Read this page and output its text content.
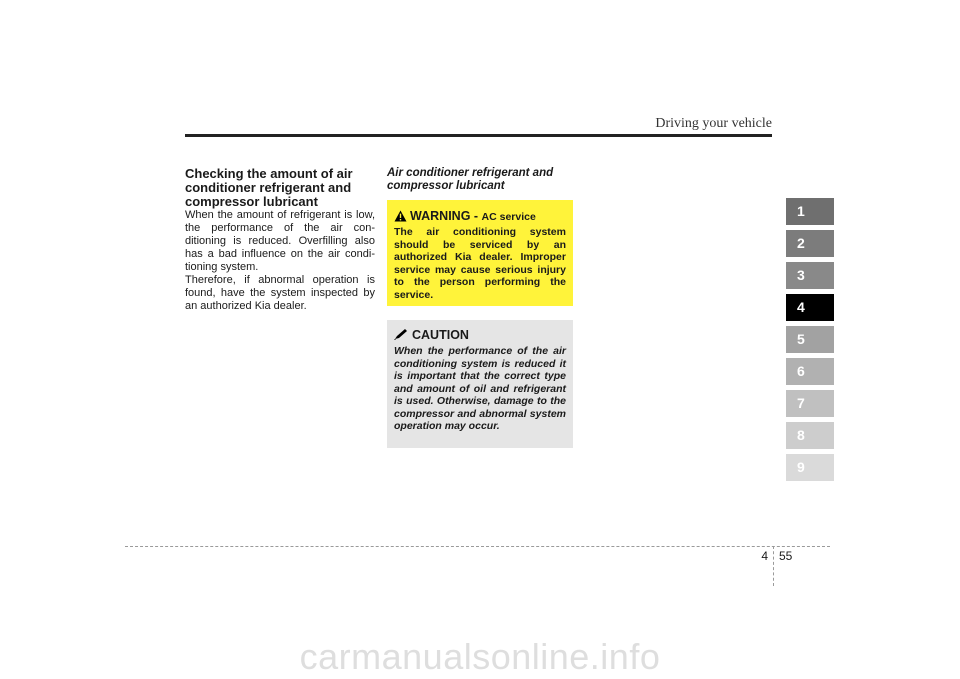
Driving your vehicle
Checking the amount of air conditioner refrigerant and compressor lubricant
When the amount of refrigerant is low, the performance of the air con-ditioning is reduced. Overfilling also has a bad influence on the air condi-tioning system.
Therefore, if abnormal operation is found, have the system inspected by an authorized Kia dealer.
Air conditioner refrigerant and compressor lubricant
WARNING - AC service
The air conditioning system should be serviced by an authorized Kia dealer. Improper service may cause serious injury to the person performing the service.
CAUTION
When the performance of the air conditioning system is reduced it is important that the correct type and amount of oil and refrigerant is used. Otherwise, damage to the compressor and abnormal system operation may occur.
1
2
3
4
5
6
7
8
9
4 55
carmanualsonline.info
